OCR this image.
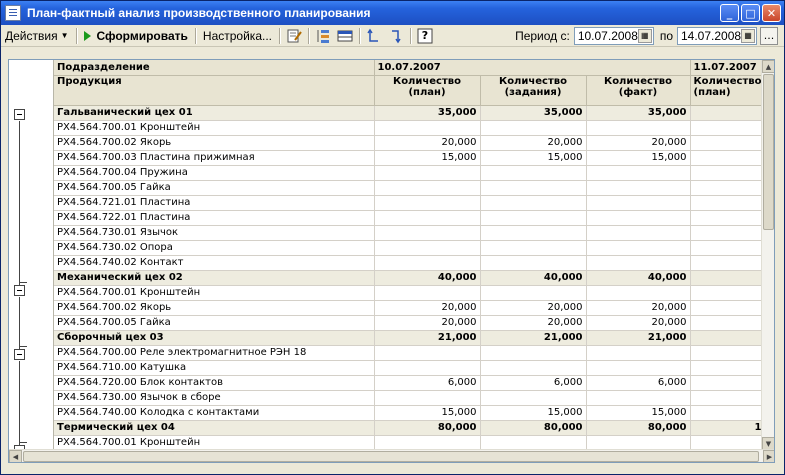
План-фактный анализ производственного планирования	_	□	✕
Действия ▼ Сформировать Настройка...	?	Период с: 10.07.2008 ▦ по 14.07.2008 ▦ ...
Подразделение	10.07.2007			11.07.2007
Продукция	Количество (план)	Количество (задания)	Количество (факт)	Количество (план)
Гальванический цех 01	35,000	35,000	35,000	
РХ4.564.700.01 Кронштейн				
РХ4.564.700.02 Якорь	20,000	20,000	20,000	
РХ4.564.700.03 Пластина прижимная	15,000	15,000	15,000	
РХ4.564.700.04 Пружина				
РХ4.564.700.05 Гайка				
РХ4.564.721.01 Пластина				
РХ4.564.722.01 Пластина				
РХ4.564.730.01 Язычок				
РХ4.564.730.02 Опора				
РХ4.564.740.02 Контакт				
Механический цех 02	40,000	40,000	40,000	
РХ4.564.700.01 Кронштейн				
РХ4.564.700.02 Якорь	20,000	20,000	20,000	
РХ4.564.700.05 Гайка	20,000	20,000	20,000	
Сборочный цех 03	21,000	21,000	21,000	
РХ4.564.700.00 Реле электромагнитное РЭН 18				
РХ4.564.710.00 Катушка				
РХ4.564.720.00 Блок контактов	6,000	6,000	6,000	
РХ4.564.730.00 Язычок в сборе				
РХ4.564.740.00 Колодка с контактами	15,000	15,000	15,000	
Термический цех 04	80,000	80,000	80,000	1
РХ4.564.700.01 Кронштейн				
▲
▼
◀	▶
